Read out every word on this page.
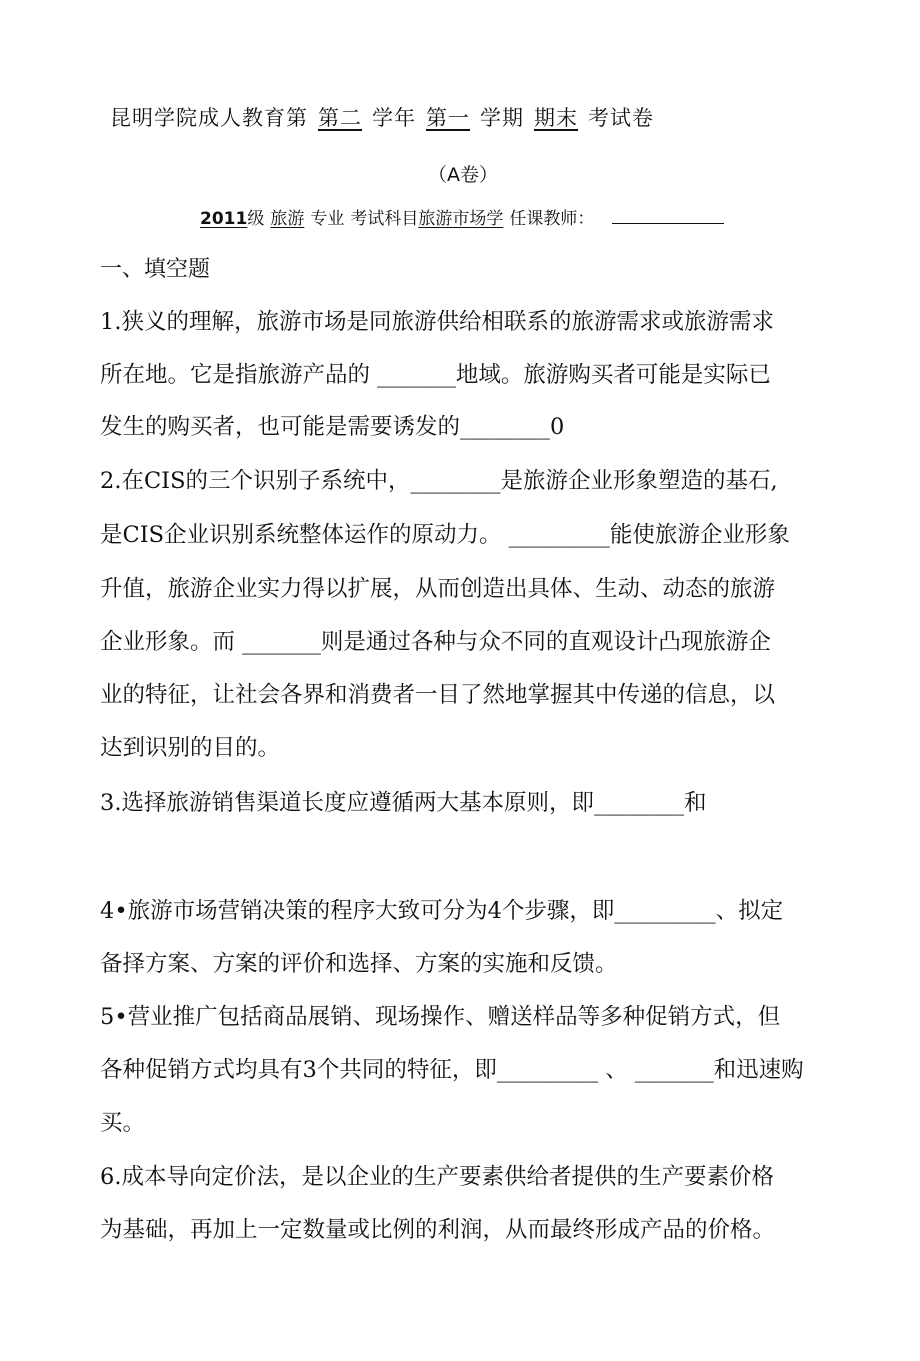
昆明学院成人教育第 第二 学年 第一 学期 期末 考试卷
（A卷）
2011级 旅游 专业 考试科目旅游市场学 任课教师：
一、填空题
1.狭义的理解，旅游市场是同旅游供给相联系的旅游需求或旅游需求
所在地。它是指旅游产品的 _______地域。旅游购买者可能是实际已
发生的购买者，也可能是需要诱发的________0
2.在CIS的三个识别子系统中，________是旅游企业形象塑造的基石,
是CIS企业识别系统整体运作的原动力。 _________能使旅游企业形象
升值，旅游企业实力得以扩展，从而创造出具体、生动、动态的旅游
企业形象。而 _______则是通过各种与众不同的直观设计凸现旅游企
业的特征，让社会各界和消费者一目了然地掌握其中传递的信息，以
达到识别的目的。
3.选择旅游销售渠道长度应遵循两大基本原则，即________和
4•旅游市场营销决策的程序大致可分为4个步骤，即_________、拟定
备择方案、方案的评价和选择、方案的实施和反馈。
5•营业推广包括商品展销、现场操作、赠送样品等多种促销方式，但
各种促销方式均具有3个共同的特征，即_________ 、 _______和迅速购
买。
6.成本导向定价法，是以企业的生产要素供给者提供的生产要素价格
为基础，再加上一定数量或比例的利润，从而最终形成产品的价格。
